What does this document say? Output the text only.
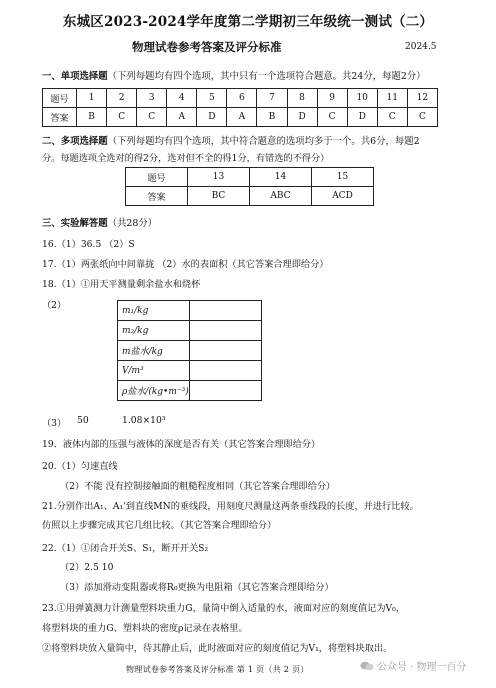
东城区2023-2024学年度第二学期初三年级统一测试（二）
物理试卷参考答案及评分标准	2024.5
一、单项选择题（下列每题均有四个选项，其中只有一个选项符合题意。共24分，每题2分）
题号	1	2	3	4	5	6	7	8	9	10	11	12
答案	B	C	C	A	D	A	B	D	C	D	C	C
二、多项选择题（下列每题均有四个选项，其中符合题意的选项均多于一个。共6分，每题2
分。每题选项全选对的得2分，选对但不全的得1分，有错选的不得分）
题号	13	14	15
答案	BC	ABC	ACD
三、实验解答题（共28分）
16.（1）36.5 （2）S
17.（1）两张纸向中间靠拢 （2）水的表面积（其它答案合理即给分）
18.（1）①用天平测量剩余盐水和烧杯
（2）	m₁/kg	
m₂/kg	
m盐水/kg	
V/m³	
ρ盐水/(kg•m⁻³)	
（3） 50	1.08×10³
19．液体内部的压强与液体的深度是否有关（其它答案合理即给分）
20.（1）匀速直线
（2）不能 没有控制接触面的粗糙程度相同（其它答案合理即给分）
21.分别作出A₁、A₁'到直线MN的垂线段，用刻度尺测量这两条垂线段的长度，并进行比较。
仿照以上步骤完成其它几组比较。（其它答案合理即给分）
22.（1）①闭合开关S、S₁，断开开关S₂
（2）2.5 10
（3）添加滑动变阻器或将R₀更换为电阻箱（其它答案合理即给分）
23.①用弹簧测力计测量塑料块重力G，量筒中倒入适量的水，液面对应的刻度值记为V₀，
将塑料块的重力G、塑料块的密度ρ记录在表格里。
②将塑料块放入量筒中，待其静止后，此时液面对应的刻度值记为V₁，将塑料块取出。
物理试卷参考答案及评分标准 第 1 页（共 2 页）	公众号 · 物理一百分
